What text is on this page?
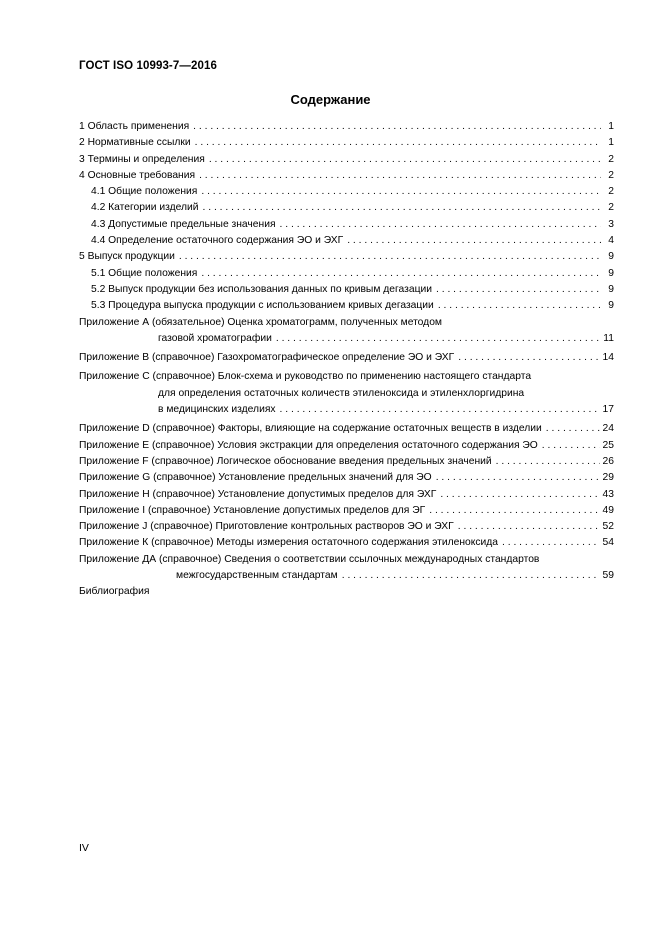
ГОСТ ISO 10993-7—2016
Содержание
1 Область применения . . .	1
2 Нормативные ссылки . . .	1
3 Термины и определения . . .	2
4 Основные требования . . .	2
4.1 Общие положения . . .	2
4.2 Категории изделий . . .	2
4.3 Допустимые предельные значения . . .	3
4.4 Определение остаточного содержания ЭО и ЭХГ . . .	4
5 Выпуск продукции . . .	9
5.1 Общие положения . . .	9
5.2 Выпуск продукции без использования данных по кривым дегазации . . .	9
5.3 Процедура выпуска продукции с использованием кривых дегазации . . .	9
Приложение А (обязательное) Оценка хроматограмм, полученных методом
газовой хроматографии . . .	11
Приложение В (справочное) Газохроматографическое определение ЭО и ЭХГ . . .	14
Приложение С (справочное) Блок-схема и руководство по применению настоящего стандарта
для определения остаточных количеств этиленоксида и этиленхлоргидрина
в медицинских изделиях . . .	17
Приложение D (справочное) Факторы, влияющие на содержание остаточных веществ в изделии . . .	24
Приложение Е (справочное) Условия экстракции для определения остаточного содержания ЭО . . .	25
Приложение F (справочное) Логическое обоснование введения предельных значений . . .	26
Приложение G (справочное) Установление предельных значений для ЭО . . .	29
Приложение Н (справочное) Установление допустимых пределов для ЭХГ . . .	43
Приложение I (справочное) Установление допустимых пределов для ЭГ . . .	49
Приложение J (справочное) Приготовление контрольных растворов ЭО и ЭХГ . . .	52
Приложение К (справочное) Методы измерения остаточного содержания этиленоксида . . .	54
Приложение ДА (справочное) Сведения о соответствии ссылочных международных стандартов
межгосударственным стандартам . . .	59
Библиография
IV
